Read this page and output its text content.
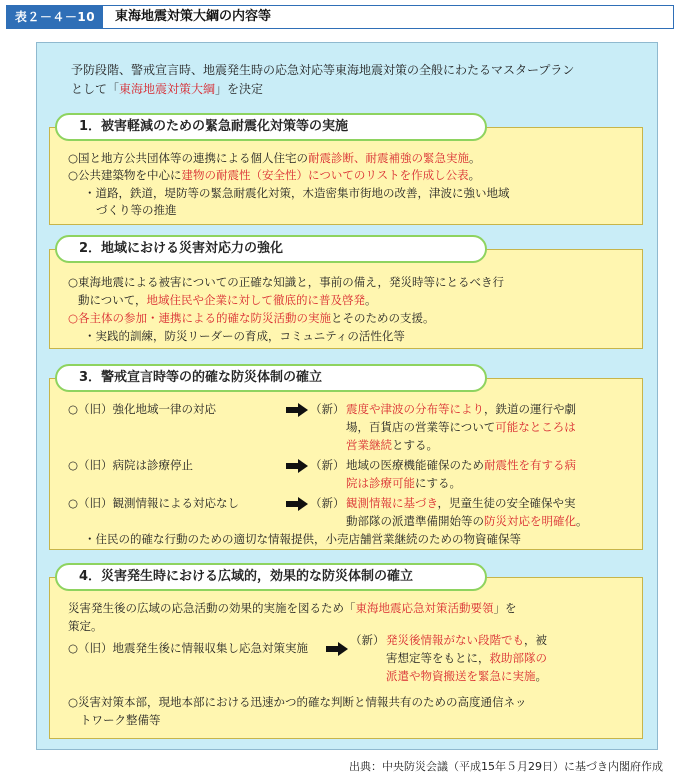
表２－４－10	東海地震対策大綱の内容等
予防段階、警戒宣言時、地震発生時の応急対応等東海地震対策の全般にわたるマスタープラン
として「東海地震対策大綱」を決定
○国と地方公共団体等の連携による個人住宅の耐震診断、耐震補強の緊急実施。
○公共建築物を中心に建物の耐震性（安全性）についてのリストを作成し公表。
・道路，鉄道，堤防等の緊急耐震化対策，木造密集市街地の改善，津波に強い地域
づくり等の推進
1．被害軽減のための緊急耐震化対策等の実施
○東海地震による被害についての正確な知識と，事前の備え，発災時等にとるべき行
動について，地域住民や企業に対して徹底的に普及啓発。
○各主体の参加・連携による的確な防災活動の実施とそのための支援。
・実践的訓練，防災リーダーの育成，コミュニティの活性化等
2．地域における災害対応力の強化
○（旧）強化地域一律の対応	（新） 震度や津波の分布等により，鉄道の運行や劇
場，百貨店の営業等について可能なところは
営業継続とする。
○（旧）病院は診療停止	（新） 地域の医療機能確保のため耐震性を有する病
院は診療可能にする。
○（旧）観測情報による対応なし	（新） 観測情報に基づき，児童生徒の安全確保や実
動部隊の派遣準備開始等の防災対応を明確化。
・住民の的確な行動のための適切な情報提供，小売店舗営業継続のための物資確保等
3．警戒宣言時等の的確な防災体制の確立
災害発生後の広域の応急活動の効果的実施を図るため「東海地震応急対策活動要領」を
策定。
○（旧）地震発生後に情報収集し応急対策実施
（新） 発災後情報がない段階でも，被
害想定等をもとに，救助部隊の
派遣や物資搬送を緊急に実施。
○災害対策本部，現地本部における迅速かつ的確な判断と情報共有のための高度通信ネッ
トワーク整備等
4．災害発生時における広域的，効果的な防災体制の確立
出典：中央防災会議（平成15年５月29日）に基づき内閣府作成
